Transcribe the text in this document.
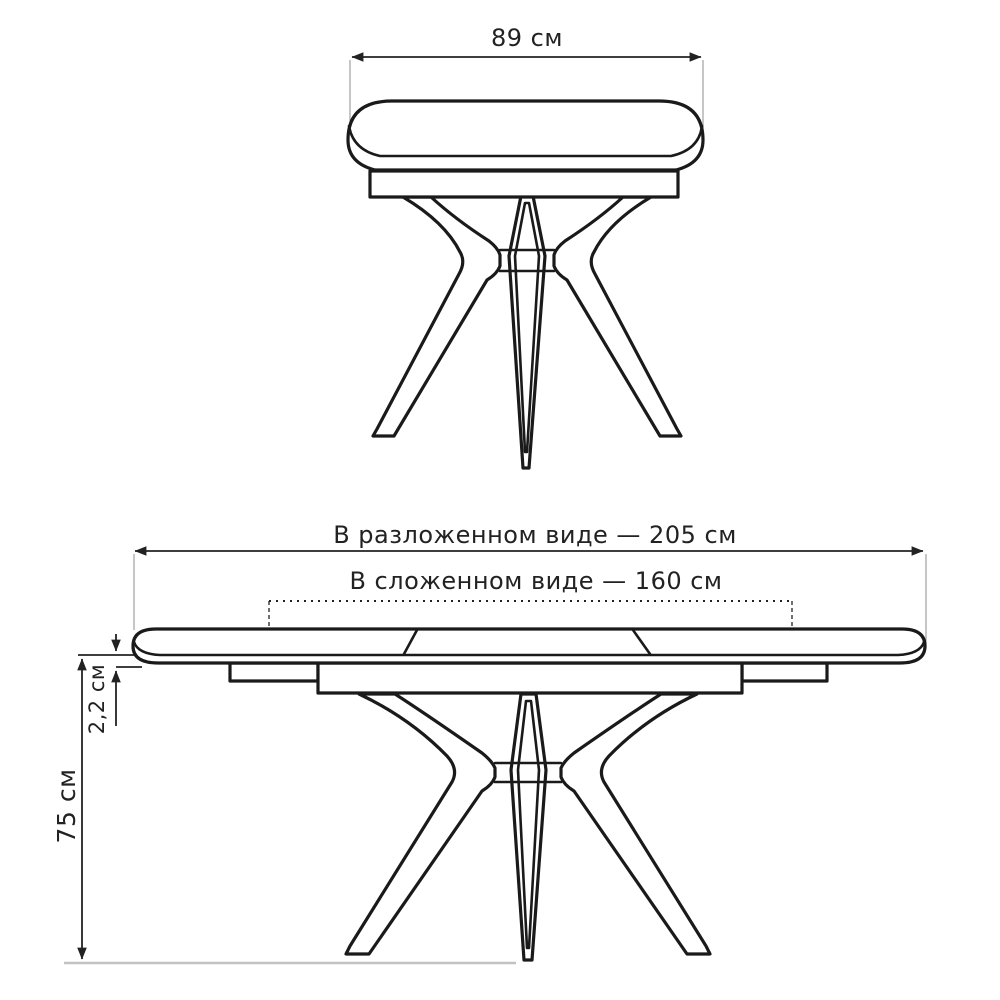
89 см
В разложенном виде — 205 см
В сложенном виде — 160 см
2,2 см
75 см
